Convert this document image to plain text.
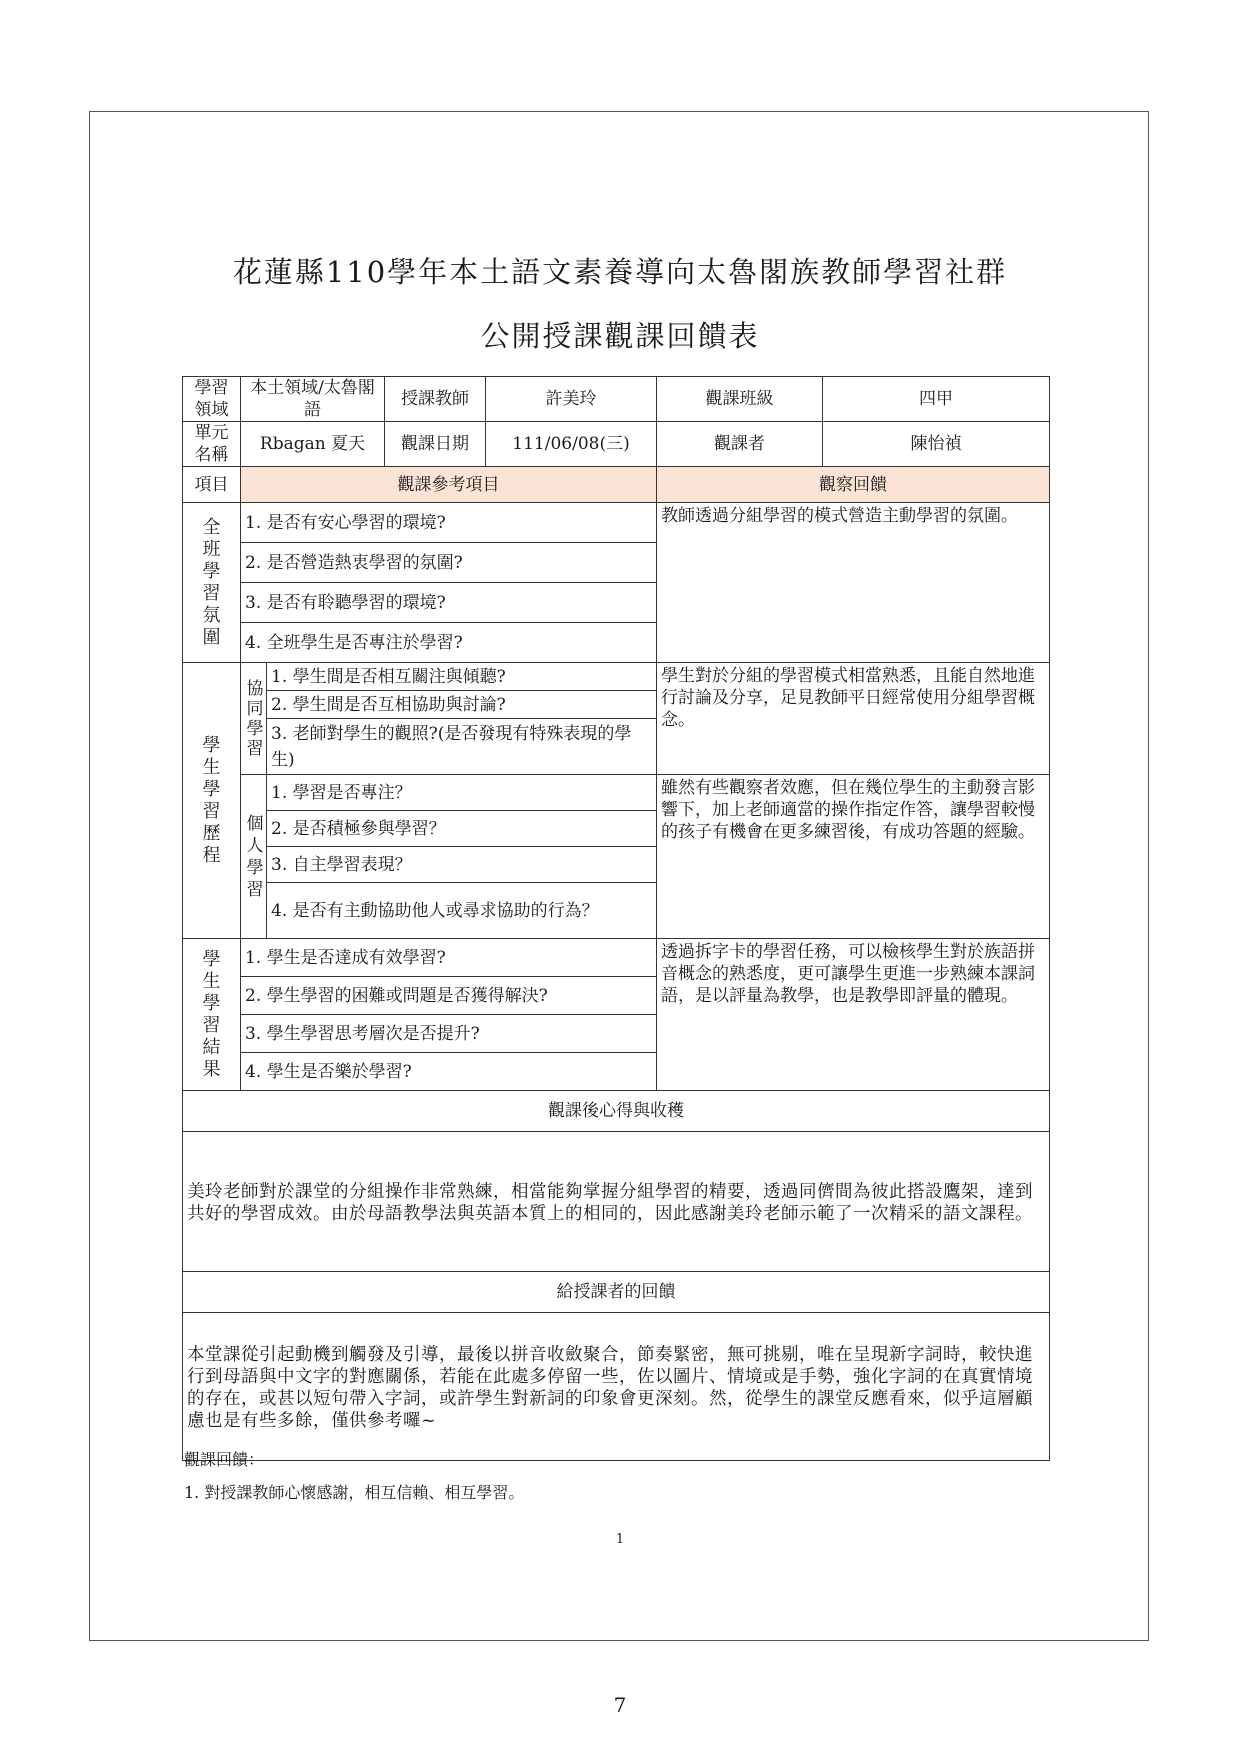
花蓮縣110學年本土語文素養導向太魯閣族教師學習社群
公開授課觀課回饋表
學習領域	本土領域/太魯閣語		授課教師	許美玲	觀課班級	四甲
單元名稱	Rbagan 夏天		觀課日期	111/06/08(三)	觀課者	陳怡禎
項目	觀課參考項目				觀察回饋	
全班學習氛圍	1. 是否有安心學習的環境?				教師透過分組學習的模式營造主動學習的氛圍。	
	2. 是否營造熱衷學習的氛圍?					
	3. 是否有聆聽學習的環境?					
	4. 全班學生是否專注於學習?					
學生學習歷程	協同學習	1. 學生間是否相互關注與傾聽?			學生對於分組的學習模式相當熟悉，且能自然地進行討論及分享，足見教師平日經常使用分組學習概念。	
		2. 學生間是否互相協助與討論?				
		3. 老師對學生的觀照?(是否發現有特殊表現的學生)				
	個人學習	1. 學習是否專注？			雖然有些觀察者效應，但在幾位學生的主動發言影響下，加上老師適當的操作指定作答，讓學習較慢的孩子有機會在更多練習後，有成功答題的經驗。	
		2. 是否積極參與學習？				
		3. 自主學習表現？				
		4. 是否有主動協助他人或尋求協助的行為？				
學生學習結果	1. 學生是否達成有效學習?				透過拆字卡的學習任務，可以檢核學生對於族語拼音概念的熟悉度，更可讓學生更進一步熟練本課詞語，是以評量為教學，也是教學即評量的體現。	
	2. 學生學習的困難或問題是否獲得解決?					
	3. 學生學習思考層次是否提升?					
	4. 學生是否樂於學習?					
觀課後心得與收穫						
美玲老師對於課堂的分組操作非常熟練，相當能夠掌握分組學習的精要，透過同儕間為彼此搭設鷹架，達到共好的學習成效。由於母語教學法與英語本質上的相同的，因此感謝美玲老師示範了一次精采的語文課程。						
給授課者的回饋						
本堂課從引起動機到觸發及引導，最後以拼音收斂聚合，節奏緊密，無可挑剔，唯在呈現新字詞時，較快進行到母語與中文字的對應關係，若能在此處多停留一些，佐以圖片、情境或是手勢，強化字詞的在真實情境的存在，或甚以短句帶入字詞，或許學生對新詞的印象會更深刻。然，從學生的課堂反應看來，似乎這層顧慮也是有些多餘，僅供參考囉~						
觀課回饋：
1. 對授課教師心懷感謝，相互信賴、相互學習。
1
7
